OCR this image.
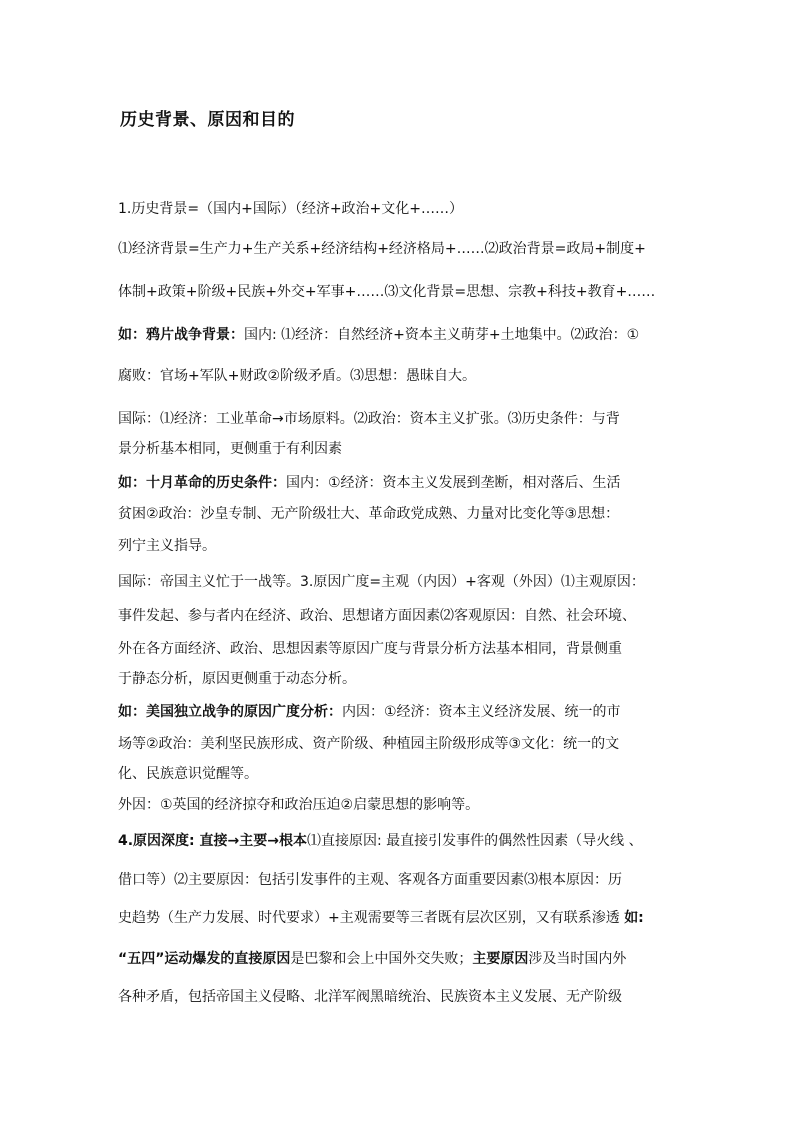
历史背景、原因和目的
1.历史背景=（国内+国际）（经济+政治+文化+……）
⑴经济背景=生产力+生产关系+经济结构+经济格局+……⑵政治背景=政局+制度+
体制+政策+阶级+民族+外交+军事+……⑶文化背景=思想、宗教+科技+教育+……
如：鸦片战争背景：国内: ⑴经济：自然经济+资本主义萌芽+土地集中。⑵政治：①
腐败：官场+军队+财政②阶级矛盾。⑶思想：愚昧自大。
国际：⑴经济：工业革命→市场原料。⑵政治：资本主义扩张。⑶历史条件：与背
景分析基本相同，更侧重于有利因素
如：十月革命的历史条件：国内：①经济：资本主义发展到垄断，相对落后、生活
贫困②政治：沙皇专制、无产阶级壮大、革命政党成熟、力量对比变化等③思想：
列宁主义指导。
国际：帝国主义忙于一战等。3.原因广度=主观（内因）+客观（外因）⑴主观原因：
事件发起、参与者内在经济、政治、思想诸方面因素⑵客观原因：自然、社会环境、
外在各方面经济、政治、思想因素等原因广度与背景分析方法基本相同，背景侧重
于静态分析，原因更侧重于动态分析。
如：美国独立战争的原因广度分析：内因：①经济：资本主义经济发展、统一的市
场等②政治：美利坚民族形成、资产阶级、种植园主阶级形成等③文化：统一的文
化、民族意识觉醒等。
外因：①英国的经济掠夺和政治压迫②启蒙思想的影响等。
4.原因深度: 直接→主要→根本⑴直接原因: 最直接引发事件的偶然性因素（导火线 、
借口等）⑵主要原因：包括引发事件的主观、客观各方面重要因素⑶根本原因：历
史趋势（生产力发展、时代要求）+主观需要等三者既有层次区别，又有联系渗透 如:
“五四”运动爆发的直接原因是巴黎和会上中国外交失败；主要原因涉及当时国内外
各种矛盾，包括帝国主义侵略、北洋军阀黑暗统治、民族资本主义发展、无产阶级
